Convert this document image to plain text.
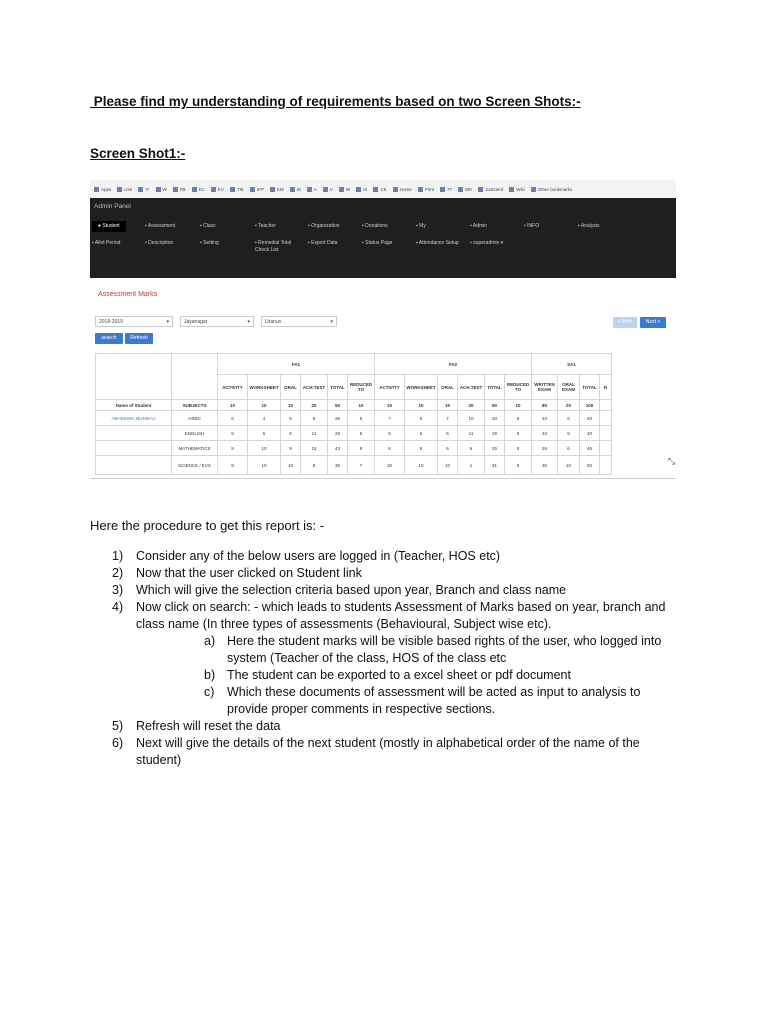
Please find my understanding of requirements based on two Screen Shots:-
Screen Shot1:-
Apps	Use	Y!	W	FB	KC	KV	TIE	IFP	KM	IS	A	V	W	IS	CK	Home	Print	77	WK	JustNerd	Wiki	Other bookmarks
Admin Panel
● Student	▪ Assessment	▪ Class	▪ Teacher	▪ Organization	▪ Donations	▪ My	▪ Admin	▪ INFO	▪ Analysis
▪ Allot Period	▪ Description	▪ Setting	▪ Remedial Total Check List
▪ Export Data	▪ Status Page	▪ Attendance Setup ▪ superadmin ▾
Assessment Marks
2018-2019 ▾	Jayanagar ▾	Uranus ▾
search	Refresh
« Prev	Next »
		FA1						FA2						SA1			
		ACTIVITY	WORKSHEET	ORAL	ACH.TEST	TOTAL	REDUCED TO	ACTIVITY	WORKSHEET	ORAL	ACH.TEST	TOTAL	REDUCED TO	WRITTEN EXAM	ORAL EXAM	TOTAL	R
Name of Student	SUBJECTS	10	10	10	20	50	10	10	10	10	20	50	10	80	20	100	
ABHISHEK MUNIRAJ	HINDI	6	4	5	9	26	5	7	6	7	10	30	6	34	6	40	
	ENGLISH	6	6	6	11	29	6	6	6	6	11	29	6	34	6	40	
	MATHEMATICS	9	10	9	15	43	9	6	5	6	6	25	5	26	6	46	
	SCIENCE / EVS	8	10	10	8	36	7	10	10	10	1	31	6	30	10	50		⤡
Here the procedure to get this report is: -
1) Consider any of the below users are logged in (Teacher, HOS etc)
2) Now that the user clicked on Student link
3) Which will give the selection criteria based upon year, Branch and class name
4) Now click on search: - which leads to students Assessment of Marks based on year, branch and class name (In three types of assessments (Behavioural, Subject wise etc).
a) Here the student marks will be visible based rights of the user, who logged into system (Teacher of the class, HOS of the class etc
b) The student can be exported to a excel sheet or pdf document
c) Which these documents of assessment will be acted as input to analysis to provide proper comments in respective sections.
5) Refresh will reset the data
6) Next will give the details of the next student (mostly in alphabetical order of the name of the student)
